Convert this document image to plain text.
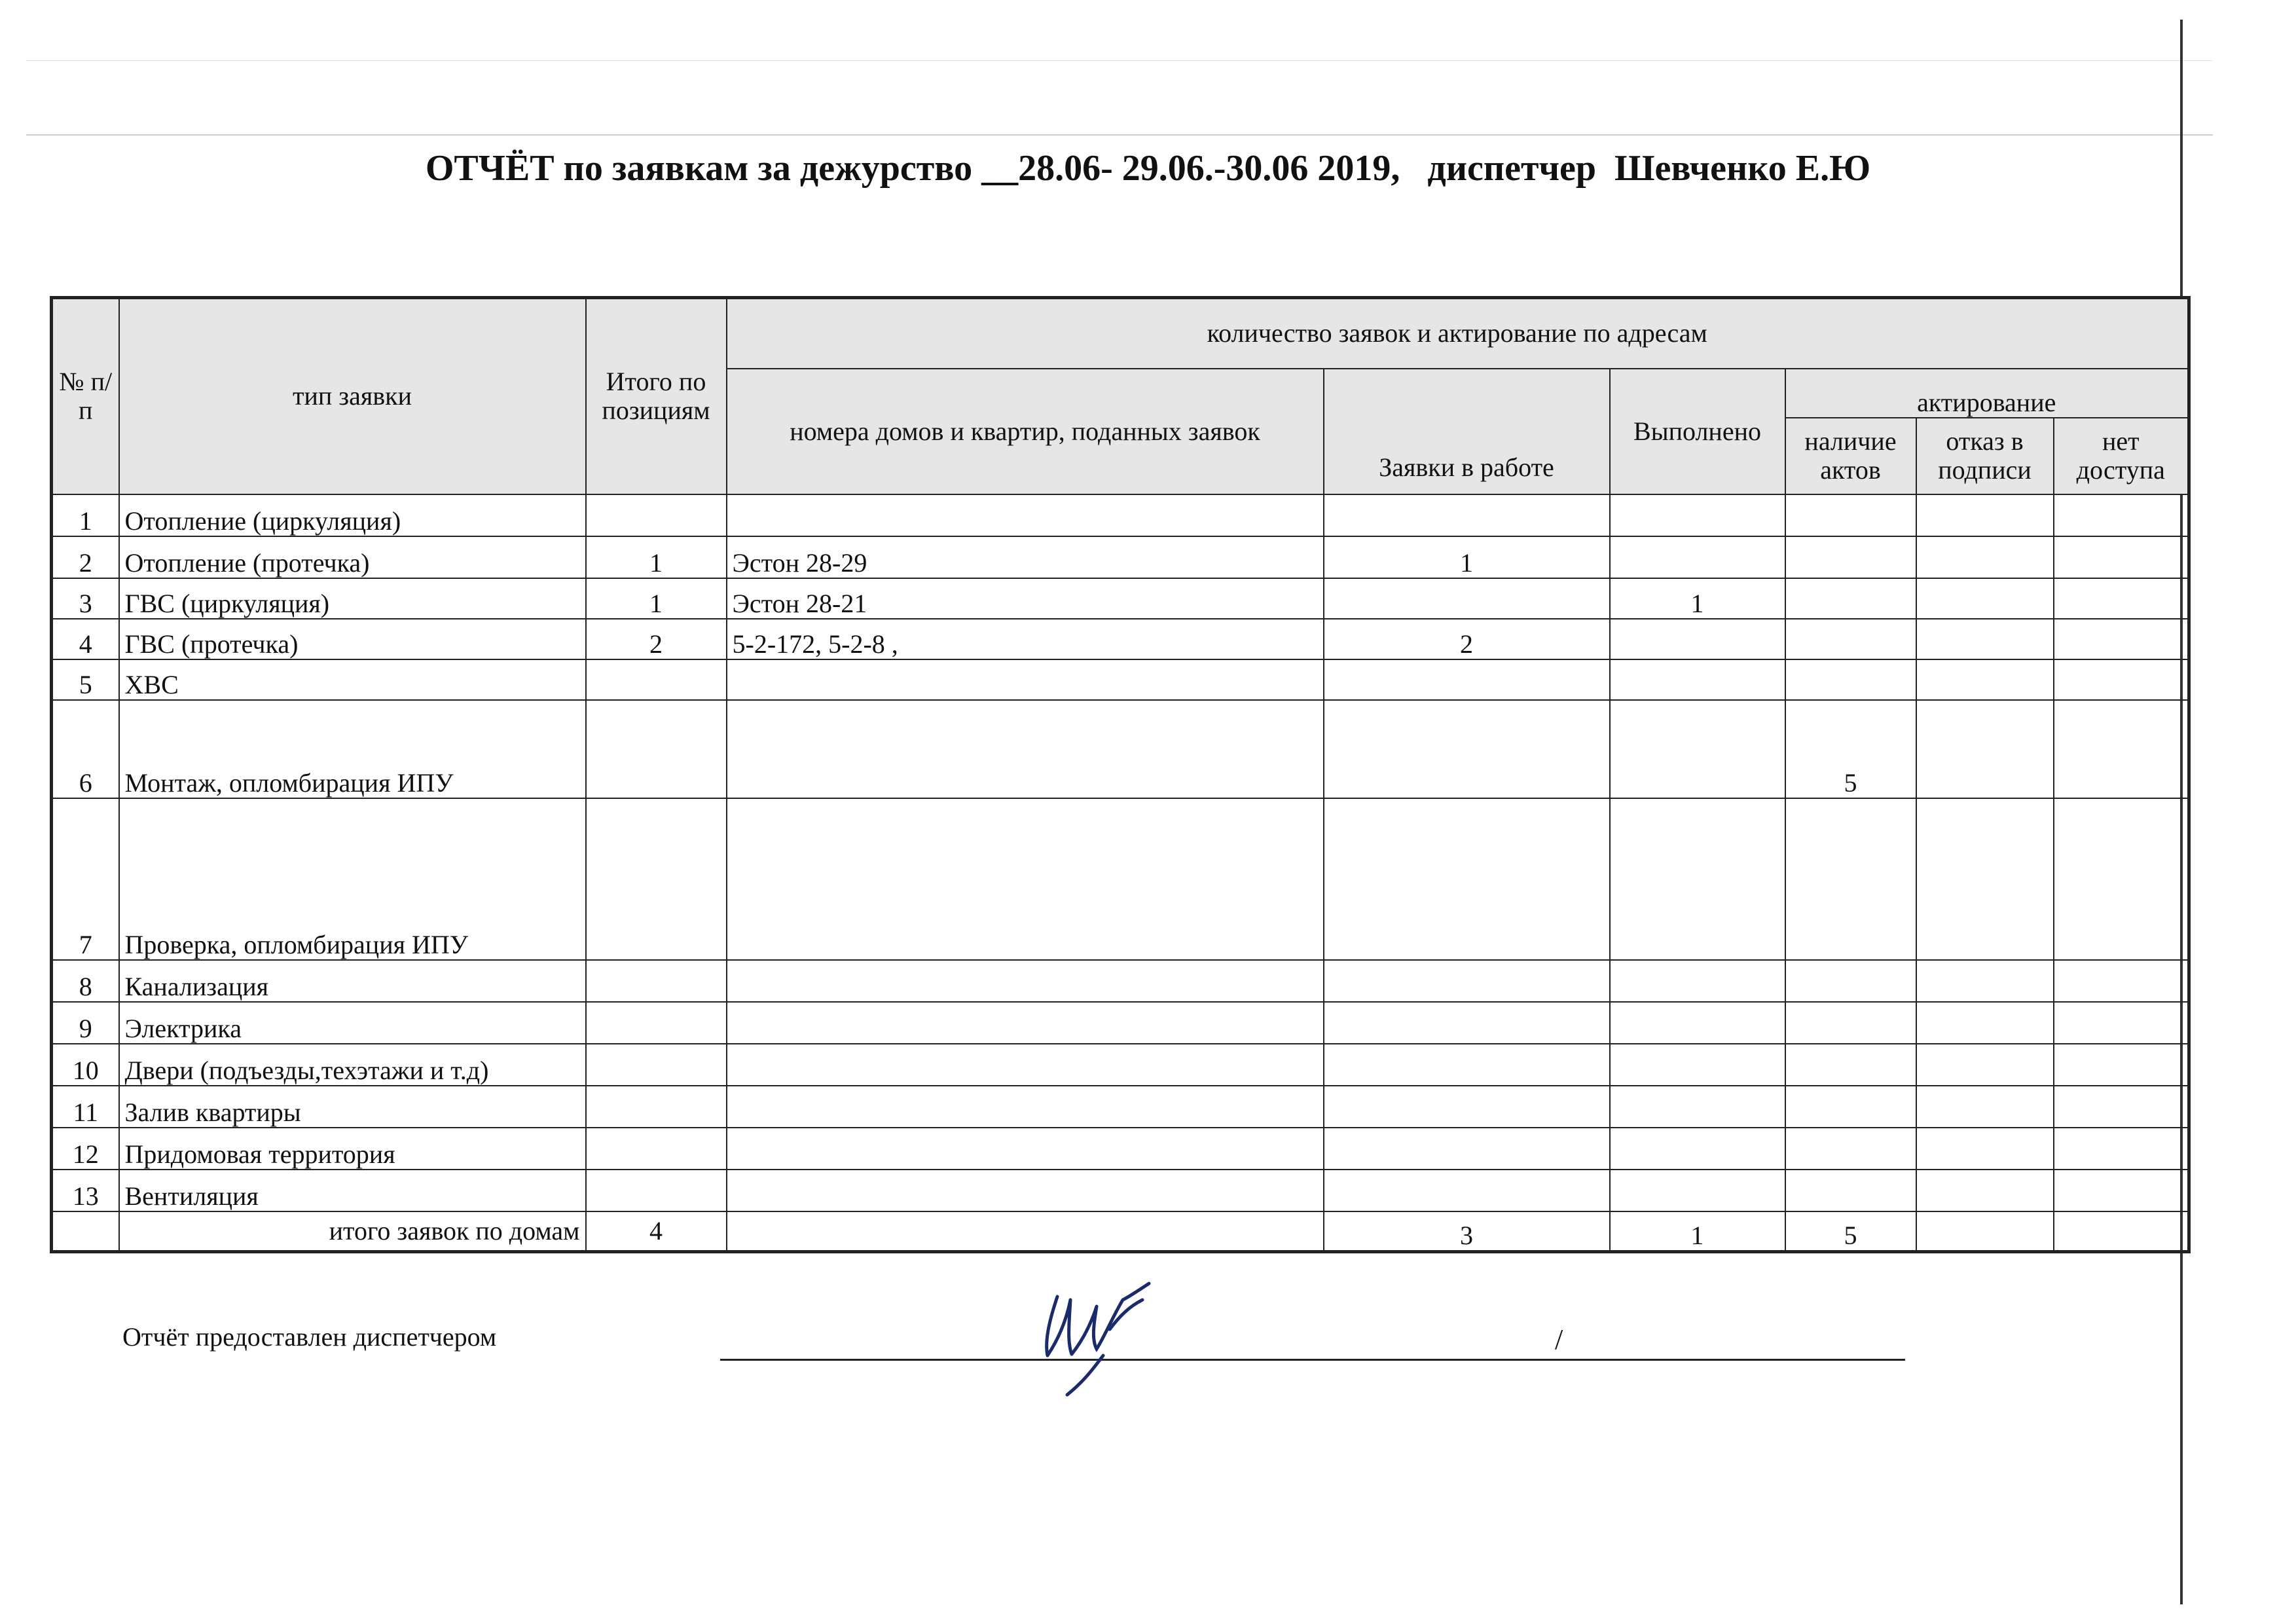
ОТЧЁТ по заявкам за дежурство __28.06- 29.06.-30.06 2019,   диспетчер  Шевченко Е.Ю
№ п/п	тип заявки	Итого по позициям	количество заявок и актирование по адресам					
			номера домов и квартир, поданных заявок	Заявки в работе	Выполнено	актирование		
						наличие актов	отказ в подписи	нет доступа
1	Отопление (циркуляция)							
2	Отопление (протечка)	1	Эстон 28-29	1				
3	ГВС (циркуляция)	1	Эстон 28-21		1			
4	ГВС (протечка)	2	5-2-172, 5-2-8 ,	2				
5	ХВС							
6	Монтаж, опломбирация ИПУ					5		
7	Проверка, опломбирация ИПУ							
8	Канализация							
9	Электрика							
10	Двери (подъезды,техэтажи и т.д)							
11	Залив квартиры							
12	Придомовая территория							
13	Вентиляция							
	итого заявок по домам	4		3	1	5		
Отчёт предоставлен диспетчером	/
